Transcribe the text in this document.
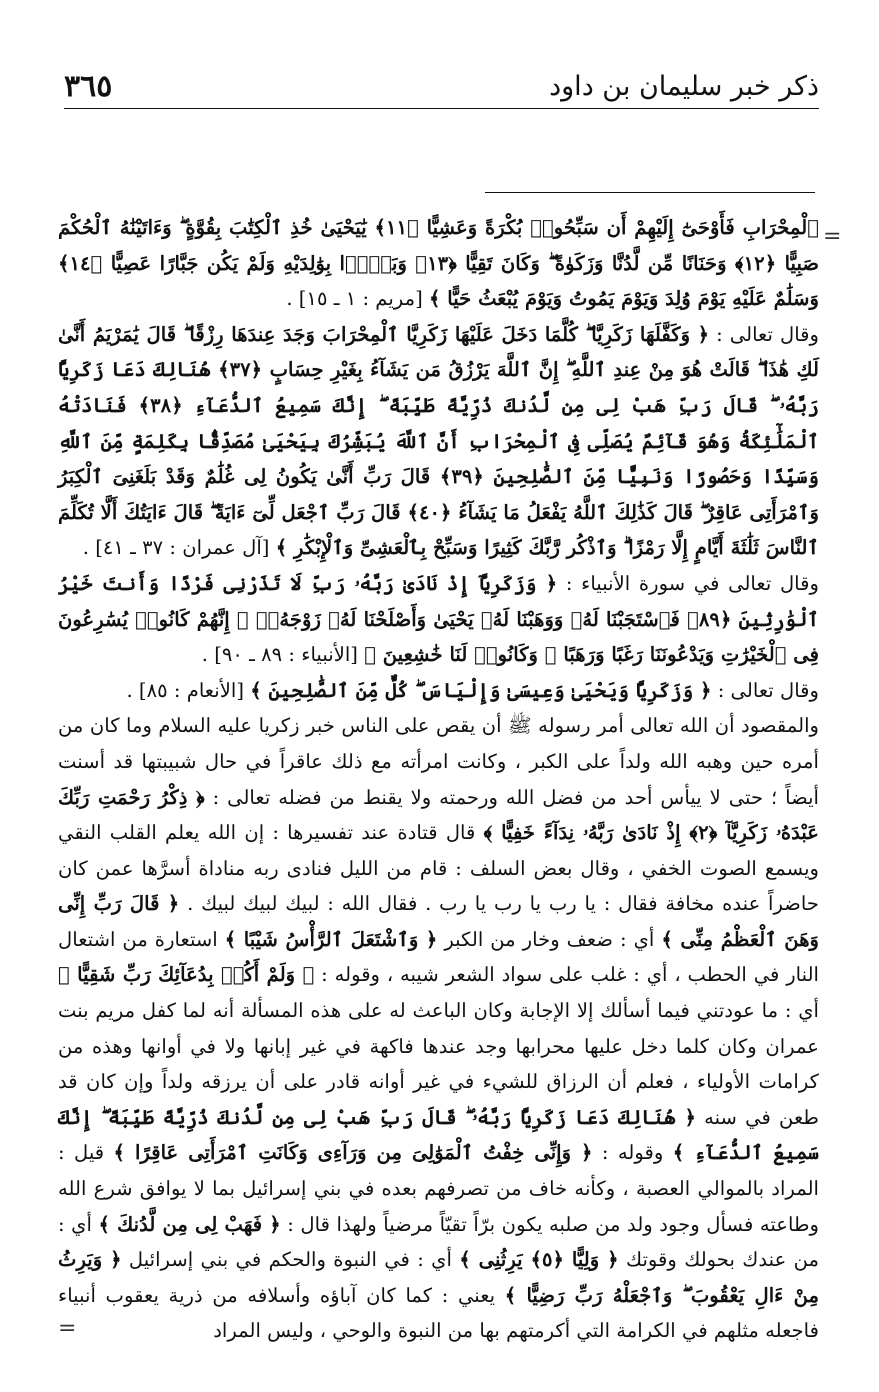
ذكر خبر سليمان بن داود
٣٦٥
=

ٱلْمِحْرَابِ فَأَوْحَىٰٓ إِلَيْهِمْ أَن سَبِّحُوا۟ بُكْرَةً وَعَشِيًّا ﴿١١﴾ يَٰيَحْيَىٰ خُذِ ٱلْكِتَٰبَ بِقُوَّةٍ ۖ وَءَاتَيْنَٰهُ ٱلْحُكْمَ صَبِيًّا ﴿١٢﴾ وَحَنَانًا مِّن لَّدُنَّا وَزَكَوٰةً ۖ وَكَانَ تَقِيًّا ﴿١٣﴾ وَبَرًّۢا بِوَٰلِدَيْهِ وَلَمْ يَكُن جَبَّارًا عَصِيًّا ﴿١٤﴾ وَسَلَٰمٌ عَلَيْهِ يَوْمَ وُلِدَ وَيَوْمَ يَمُوتُ وَيَوْمَ يُبْعَثُ حَيًّا ﴾ [مريم : ١ ـ ١٥] .

وقال تعالى : ﴿ وَكَفَّلَهَا زَكَرِيَّا ۖ كُلَّمَا دَخَلَ عَلَيْهَا زَكَرِيَّا ٱلْمِحْرَابَ وَجَدَ عِندَهَا رِزْقًا ۖ قَالَ يَٰمَرْيَمُ أَنَّىٰ لَكِ هَٰذَا ۖ قَالَتْ هُوَ مِنْ عِندِ ٱللَّهِ ۖ إِنَّ ٱللَّهَ يَرْزُقُ مَن يَشَآءُ بِغَيْرِ حِسَابٍ ﴿٣٧﴾ هُنَالِكَ دَعَا زَكَرِيَّا رَبَّهُۥ ۖ قَالَ رَبِّ هَبْ لِى مِن لَّدُنكَ ذُرِّيَّةً طَيِّبَةً ۖ إِنَّكَ سَمِيعُ ٱلدُّعَآءِ ﴿٣٨﴾ فَنَادَتْهُ ٱلْمَلَٰٓئِكَةُ وَهُوَ قَآئِمٌ يُصَلِّى فِى ٱلْمِحْرَابِ أَنَّ ٱللَّهَ يُبَشِّرُكَ بِيَحْيَىٰ مُصَدِّقًۢا بِكَلِمَةٍ مِّنَ ٱللَّهِ وَسَيِّدًا وَحَصُورًا وَنَبِيًّا مِّنَ ٱلصَّٰلِحِينَ ﴿٣٩﴾ قَالَ رَبِّ أَنَّىٰ يَكُونُ لِى غُلَٰمٌ وَقَدْ بَلَغَنِىَ ٱلْكِبَرُ وَٱمْرَأَتِى عَاقِرٌ ۖ قَالَ كَذَٰلِكَ ٱللَّهُ يَفْعَلُ مَا يَشَآءُ ﴿٤٠﴾ قَالَ رَبِّ ٱجْعَل لِّىٓ ءَايَةً ۖ قَالَ ءَايَتُكَ أَلَّا تُكَلِّمَ ٱلنَّاسَ ثَلَٰثَةَ أَيَّامٍ إِلَّا رَمْزًا ۗ وَٱذْكُر رَّبَّكَ كَثِيرًا وَسَبِّحْ بِٱلْعَشِىِّ وَٱلْإِبْكَٰرِ ﴾ [آل عمران : ٣٧ ـ ٤١] .

وقال تعالى في سورة الأنبياء : ﴿ وَزَكَرِيَّآ إِذْ نَادَىٰ رَبَّهُۥ رَبِّ لَا تَذَرْنِى فَرْدًا وَأَنتَ خَيْرُ ٱلْوَٰرِثِينَ ﴿٨٩﴾ فَٱسْتَجَبْنَا لَهُۥ وَوَهَبْنَا لَهُۥ يَحْيَىٰ وَأَصْلَحْنَا لَهُۥ زَوْجَهُۥٓ ۚ إِنَّهُمْ كَانُوا۟ يُسَٰرِعُونَ فِى ٱلْخَيْرَٰتِ وَيَدْعُونَنَا رَغَبًا وَرَهَبًا ۖ وَكَانُوا۟ لَنَا خَٰشِعِينَ ﴾ [الأنبياء : ٨٩ ـ ٩٠] .

وقال تعالى : ﴿ وَزَكَرِيَّا وَيَحْيَىٰ وَعِيسَىٰ وَإِلْيَاسَ ۖ كُلٌّ مِّنَ ٱلصَّٰلِحِينَ ﴾ [الأنعام : ٨٥] .

والمقصود أن الله تعالى أمر رسوله ﷺ أن يقص على الناس خبر زكريا عليه السلام وما كان من أمره حين وهبه الله ولداً على الكبر ، وكانت امرأته مع ذلك عاقراً في حال شبيبتها قد أسنت أيضاً ؛ حتى لا ييأس أحد من فضل الله ورحمته ولا يقنط من فضله تعالى : ﴿ ذِكْرُ رَحْمَتِ رَبِّكَ عَبْدَهُۥ زَكَرِيَّآ ﴿٢﴾ إِذْ نَادَىٰ رَبَّهُۥ نِدَآءً خَفِيًّا ﴾ قال قتادة عند تفسيرها : إن الله يعلم القلب النقي ويسمع الصوت الخفي ، وقال بعض السلف : قام من الليل فنادى ربه مناداة أسرَّها عمن كان حاضراً عنده مخافة فقال : يا رب يا رب يا رب . فقال الله : لبيك لبيك لبيك . ﴿ قَالَ رَبِّ إِنِّى وَهَنَ ٱلْعَظْمُ مِنِّى ﴾ أي : ضعف وخار من الكبر ﴿ وَٱشْتَعَلَ ٱلرَّأْسُ شَيْبًا ﴾ استعارة من اشتعال النار في الحطب ، أي : غلب على سواد الشعر شيبه ، وقوله : ﴿ وَلَمْ أَكُنۢ بِدُعَآئِكَ رَبِّ شَقِيًّا ﴾ أي : ما عودتني فيما أسألك إلا الإجابة وكان الباعث له على هذه المسألة أنه لما كفل مريم بنت عمران وكان كلما دخل عليها محرابها وجد عندها فاكهة في غير إبانها ولا في أوانها وهذه من كرامات الأولياء ، فعلم أن الرزاق للشيء في غير أوانه قادر على أن يرزقه ولداً وإن كان قد طعن في سنه ﴿ هُنَالِكَ دَعَا زَكَرِيَّا رَبَّهُۥ ۖ قَالَ رَبِّ هَبْ لِى مِن لَّدُنكَ ذُرِّيَّةً طَيِّبَةً ۖ إِنَّكَ سَمِيعُ ٱلدُّعَآءِ ﴾ وقوله : ﴿ وَإِنِّى خِفْتُ ٱلْمَوَٰلِىَ مِن وَرَآءِى وَكَانَتِ ٱمْرَأَتِى عَاقِرًا ﴾ قيل : المراد بالموالي العصبة ، وكأنه خاف من تصرفهم بعده في بني إسرائيل بما لا يوافق شرع الله وطاعته فسأل وجود ولد من صلبه يكون برّاً تقيّاً مرضياً ولهذا قال : ﴿ فَهَبْ لِى مِن لَّدُنكَ ﴾ أي : من عندك بحولك وقوتك ﴿ وَلِيًّا ﴿٥﴾ يَرِثُنِى ﴾ أي : في النبوة والحكم في بني إسرائيل ﴿ وَيَرِثُ مِنْ ءَالِ يَعْقُوبَ ۖ وَٱجْعَلْهُ رَبِّ رَضِيًّا ﴾ يعني : كما كان آباؤه وأسلافه من ذرية يعقوب أنبياء فاجعله مثلهم في الكرامة التي أكرمتهم بها من النبوة والوحي ، وليس المراد

=
